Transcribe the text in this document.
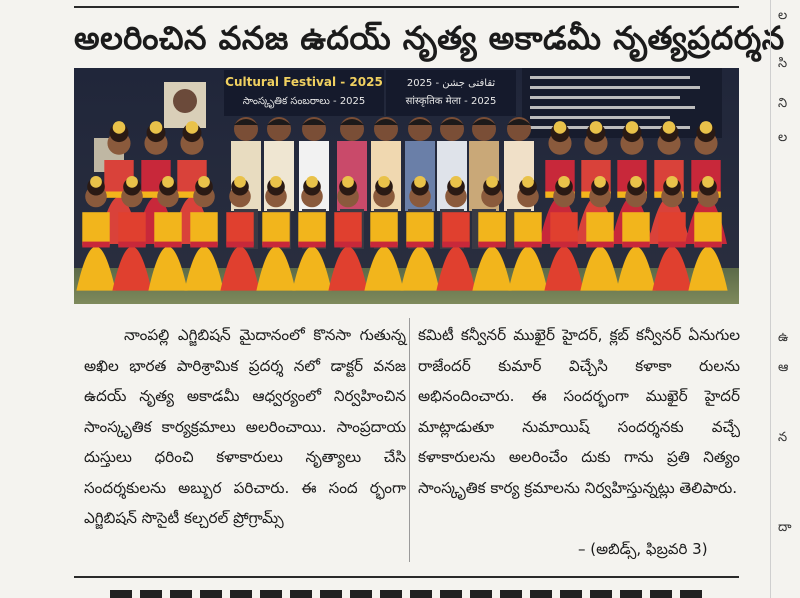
అలరించిన వనజ ఉదయ్ నృత్య అకాడమీ నృత్యప్రదర్శన
Cultural Festival - 2025
సాంస్కృతిక సంబరాలు - 2025
ثقافتی جشن - 2025
सांस्कृतिक मेला - 2025
నాంపల్లి ఎగ్జిబిషన్ మైదానంలో కొనసా గుతున్న అఖిల భారత పారిశ్రామిక ప్రదర్శ నలో డాక్టర్ వనజ ఉదయ్ నృత్య అకాడమీ ఆధ్వర్యంలో నిర్వహించిన సాంస్కృతిక కార్యక్రమాలు అలరించాయి. సాంప్రదాయ దుస్తులు ధరించి కళాకారులు నృత్యాలు చేసి సందర్శకులను అబ్బుర పరిచారు. ఈ సంద ర్భంగా ఎగ్జిబిషన్ సొసైటీ కల్చరల్ ప్రోగ్రామ్స్
కమిటీ కన్వీనర్ ముఖైర్ హైదర్, క్లబ్ కన్వీనర్ ఏనుగుల రాజేందర్ కుమార్ విచ్చేసి కళాకా రులను అభినందించారు. ఈ సందర్భంగా ముఖైర్ హైదర్ మాట్లాడుతూ నుమాయిష్ సందర్శనకు వచ్చే కళాకారులను అలరించేం దుకు గాను ప్రతి నిత్యం సాంస్కృతిక కార్య క్రమాలను నిర్వహిస్తున్నట్లు తెలిపారు.
– (అబిడ్స్, ఫిబ్రవరి 3)
ల
సి
ని
ల
ఉ
ఆ
న
దా
